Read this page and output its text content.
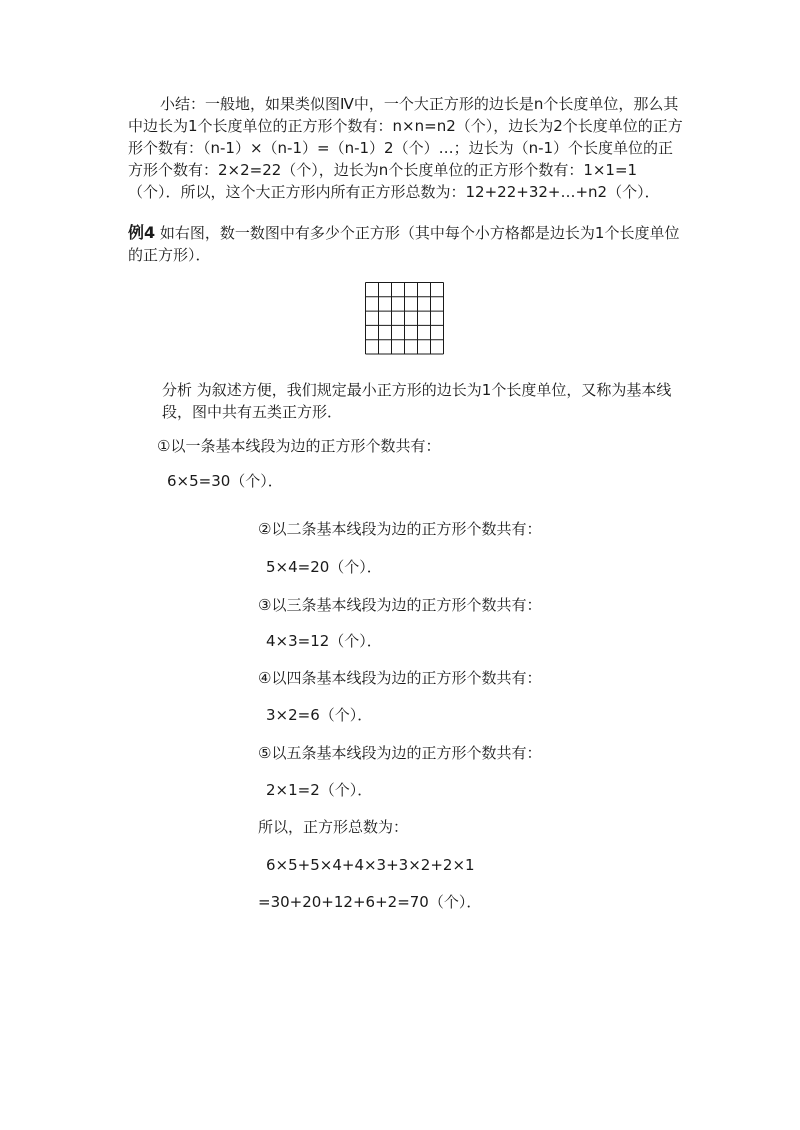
小结：一般地，如果类似图Ⅳ中，一个大正方形的边长是n个长度单位，那么其中边长为1个长度单位的正方形个数有：n×n=n2（个），边长为2个长度单位的正方形个数有：（n-1）×（n-1）=（n-1）2（个）…；边长为（n-1）个长度单位的正方形个数有：2×2=22（个），边长为n个长度单位的正方形个数有：1×1=1（个）．所以，这个大正方形内所有正方形总数为：12+22+32+…+n2（个）．

例4 如右图，数一数图中有多少个正方形（其中每个小方格都是边长为1个长度单位的正方形）．

分析 为叙述方便，我们规定最小正方形的边长为1个长度单位，又称为基本线段，图中共有五类正方形．

①以一条基本线段为边的正方形个数共有：

6×5=30（个）．

②以二条基本线段为边的正方形个数共有：

5×4=20（个）．

③以三条基本线段为边的正方形个数共有：

4×3=12（个）．

④以四条基本线段为边的正方形个数共有：

3×2=6（个）．

⑤以五条基本线段为边的正方形个数共有：

2×1=2（个）．

所以，正方形总数为：

6×5+5×4+4×3+3×2+2×1

=30+20+12+6+2=70（个）．
